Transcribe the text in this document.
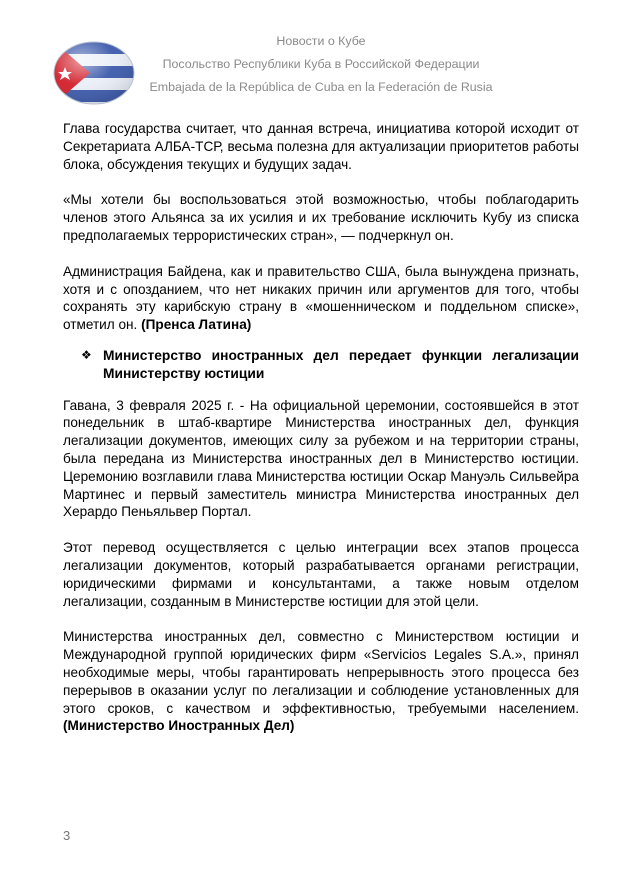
Новости о Кубе
Посольство Республики Куба в Российской Федерации
Embajada de la República de Cuba en la Federación de Rusia

Глава государства считает, что данная встреча, инициатива которой исходит от Секретариата АЛБА-ТСР, весьма полезна для актуализации приоритетов работы блока, обсуждения текущих и будущих задач.

«Мы хотели бы воспользоваться этой возможностью, чтобы поблагодарить членов этого Альянса за их усилия и их требование исключить Кубу из списка предполагаемых террористических стран», — подчеркнул он.

Администрация Байдена, как и правительство США, была вынуждена признать, хотя и с опозданием, что нет никаких причин или аргументов для того, чтобы сохранять эту карибскую страну в «мошенническом и поддельном списке», отметил он. (Пренса Латина)

❖ Министерство иностранных дел передает функции легализации Министерству юстиции

Гавана, 3 февраля 2025 г. - На официальной церемонии, состоявшейся в этот понедельник в штаб-квартире Министерства иностранных дел, функция легализации документов, имеющих силу за рубежом и на территории страны, была передана из Министерства иностранных дел в Министерство юстиции. Церемонию возглавили глава Министерства юстиции Оскар Мануэль Сильвейра Мартинес и первый заместитель министра Министерства иностранных дел Херардо Пеньяльвер Портал.

Этот перевод осуществляется с целью интеграции всех этапов процесса легализации документов, который разрабатывается органами регистрации, юридическими фирмами и консультантами, а также новым отделом легализации, созданным в Министерстве юстиции для этой цели.

Министерства иностранных дел, совместно с Министерством юстиции и Международной группой юридических фирм «Servicios Legales S.A.», принял необходимые меры, чтобы гарантировать непрерывность этого процесса без перерывов в оказании услуг по легализации и соблюдение установленных для этого сроков, с качеством и эффективностью, требуемыми населением. (Министерство Иностранных Дел)

3
